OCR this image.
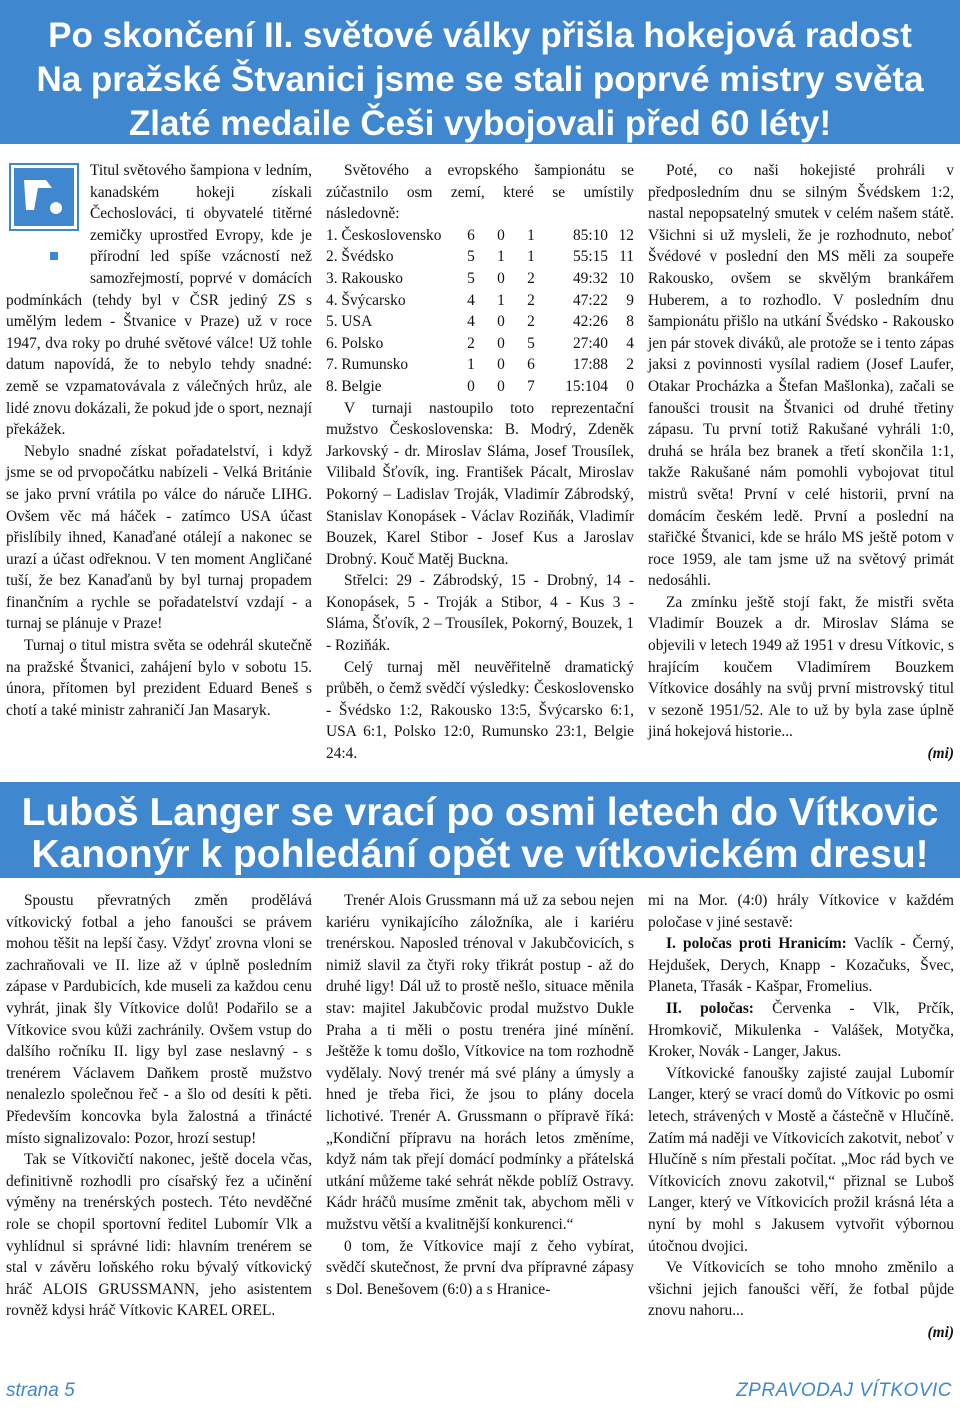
Po skončení II. světové války přišla hokejová radost
Na pražské Štvanici jsme se stali poprvé mistry světa
Zlaté medaile Češi vybojovali před 60 léty!

Titul světového šampiona v ledním, kanadském hokeji získali Čechoslováci, ti obyvatelé titěrné zemičky uprostřed Evropy, kde je přírodní led spíše vzácností než samozřejmostí, poprvé v domácích podmínkách (tehdy byl v ČSR jediný ZS s umělým ledem - Štvanice v Praze) už v roce 1947, dva roky po druhé světové válce! Už tohle datum napovídá, že to nebylo tehdy snadné: země se vzpamatovávala z válečných hrůz, ale lidé znovu dokázali, že pokud jde o sport, neznají překážek.

Nebylo snadné získat pořadatelství, i když jsme se od prvopočátku nabízeli - Velká Británie se jako první vrátila po válce do náruče LIHG. Ovšem věc má háček - zatímco USA účast přislíbily ihned, Kanaďané otálejí a nakonec se urazí a účast odřeknou. V ten moment Angličané tuší, že bez Kanaďanů by byl turnaj propadem finančním a rychle se pořadatelství vzdají - a turnaj se plánuje v Praze!

Turnaj o titul mistra světa se odehrál skutečně na pražské Štvanici, zahájení bylo v sobotu 15. února, přítomen byl prezident Eduard Beneš s chotí a také ministr zahraničí Jan Masaryk.

Světového a evropského šampionátu se zúčastnilo osm zemí, které se umístily následovně:

1. Československo	6	0	1	85:10	12
2. Švédsko	5	1	1	55:15	11
3. Rakousko	5	0	2	49:32	10
4. Švýcarsko	4	1	2	47:22	9
5. USA	4	0	2	42:26	8
6. Polsko	2	0	5	27:40	4
7. Rumunsko	1	0	6	17:88	2
8. Belgie	0	0	7	15:104	0

V turnaji nastoupilo toto reprezentační mužstvo Československa: B. Modrý, Zdeněk Jarkovský - dr. Miroslav Sláma, Josef Trousílek, Vilibald Šťovík, ing. František Pácalt, Miroslav Pokorný – Ladislav Troják, Vladimír Zábrodský, Stanislav Konopásek - Václav Roziňák, Vladimír Bouzek, Karel Stibor - Josef Kus a Jaroslav Drobný. Kouč Matěj Buckna.

Střelci: 29 - Zábrodský, 15 - Drobný, 14 - Konopásek, 5 - Troják a Stibor, 4 - Kus 3 - Sláma, Šťovík, 2 – Trousílek, Pokorný, Bouzek, 1 - Roziňák.

Celý turnaj měl neuvěřitelně dramatický průběh, o čemž svědčí výsledky: Československo - Švédsko 1:2, Rakousko 13:5, Švýcarsko 6:1, USA 6:1, Polsko 12:0, Rumunsko 23:1, Belgie 24:4.

Poté, co naši hokejisté prohráli v předposledním dnu se silným Švédskem 1:2, nastal nepopsatelný smutek v celém našem státě. Všichni si už mysleli, že je rozhodnuto, neboť Švédové v poslední den MS měli za soupeře Rakousko, ovšem se skvělým brankářem Huberem, a to rozhodlo. V posledním dnu šampionátu přišlo na utkání Švédsko - Rakousko jen pár stovek diváků, ale protože se i tento zápas jaksi z povinnosti vysílal radiem (Josef Laufer, Otakar Procházka a Štefan Mašlonka), začali se fanoušci trousit na Štvanici od druhé třetiny zápasu. Tu první totiž Rakušané vyhráli 1:0, druhá se hrála bez branek a třetí skončila 1:1, takže Rakušané nám pomohli vybojovat titul mistrů světa! První v celé historii, první na domácím českém ledě. První a poslední na stařičké Štvanici, kde se hrálo MS ještě potom v roce 1959, ale tam jsme už na světový primát nedosáhli.

Za zmínku ještě stojí fakt, že mistři světa Vladimír Bouzek a dr. Miroslav Sláma se objevili v letech 1949 až 1951 v dresu Vítkovic, s hrajícím koučem Vladimírem Bouzkem Vítkovice dosáhly na svůj první mistrovský titul v sezoně 1951/52. Ale to už by byla zase úplně jiná hokejová historie...

(mi)
Luboš Langer se vrací po osmi letech do Vítkovic
Kanonýr k pohledání opět ve vítkovickém dresu!

Spoustu převratných změn prodělává vítkovický fotbal a jeho fanoušci se právem mohou těšit na lepší časy. Vždyť zrovna vloni se zachraňovali ve II. lize až v úplně posledním zápase v Pardubicích, kde museli za každou cenu vyhrát, jinak šly Vítkovice dolů! Podařilo se a Vítkovice svou kůži zachránily. Ovšem vstup do dalšího ročníku II. ligy byl zase neslavný - s trenérem Václavem Daňkem prostě mužstvo nenalezlo společnou řeč - a šlo od desíti k pěti. Především koncovka byla žalostná a třinácté místo signalizovalo: Pozor, hrozí sestup!

Tak se Vítkovičtí nakonec, ještě docela včas, definitivně rozhodli pro císařský řez a učinění výměny na trenérských postech. Této nevděčné role se chopil sportovní ředitel Lubomír Vlk a vyhlídnul si správné lidi: hlavním trenérem se stal v závěru loňského roku bývalý vítkovický hráč ALOIS GRUSSMANN, jeho asistentem rovněž kdysi hráč Vítkovic KAREL OREL.

Trenér Alois Grussmann má už za sebou nejen kariéru vynikajícího záložníka, ale i kariéru trenérskou. Naposled trénoval v Jakubčovicích, s nimiž slavil za čtyři roky třikrát postup - až do druhé ligy! Dál už to prostě nešlo, situace měnila stav: majitel Jakubčovic prodal mužstvo Dukle Praha a ti měli o postu trenéra jiné mínění. Ještěže k tomu došlo, Vítkovice na tom rozhodně vydělaly. Nový trenér má své plány a úmysly a hned je třeba řici, že jsou to plány docela lichotivé. Trenér A. Grussmann o přípravě říká: „Kondiční přípravu na horách letos změníme, když nám tak přejí domácí podmínky a přátelská utkání můžeme také sehrát někde poblíž Ostravy. Kádr hráčů musíme změnit tak, abychom měli v mužstvu větší a kvalitnější konkurenci.“

0 tom, že Vítkovice mají z čeho vybírat, svědčí skutečnost, že první dva přípravné zápasy s Dol. Benešovem (6:0) a s Hranice-

mi na Mor. (4:0) hrály Vítkovice v každém poločase v jiné sestavě:

I. poločas proti Hranicím: Vaclík - Černý, Hejdušek, Derych, Knapp - Kozačuks, Švec, Planeta, Třasák - Kašpar, Fromelius.

II. poločas: Červenka - Vlk, Prčík, Hromkovič, Mikulenka - Valášek, Motyčka, Kroker, Novák - Langer, Jakus.

Vítkovické fanoušky zajisté zaujal Lubomír Langer, který se vrací domů do Vítkovic po osmi letech, strávených v Mostě a částečně v Hlučíně. Zatím má naději ve Vítkovicích zakotvit, neboť v Hlučíně s ním přestali počítat. „Moc rád bych ve Vítkovicích znovu zakotvil,“ přiznal se Luboš Langer, který ve Vítkovicích prožil krásná léta a nyní by mohl s Jakusem vytvořit výbornou útočnou dvojici.

Ve Vítkovicích se toho mnoho změnilo a všichni jejich fanoušci věří, že fotbal půjde znovu nahoru...

(mi)
strana 5	ZPRAVODAJ VÍTKOVIC
